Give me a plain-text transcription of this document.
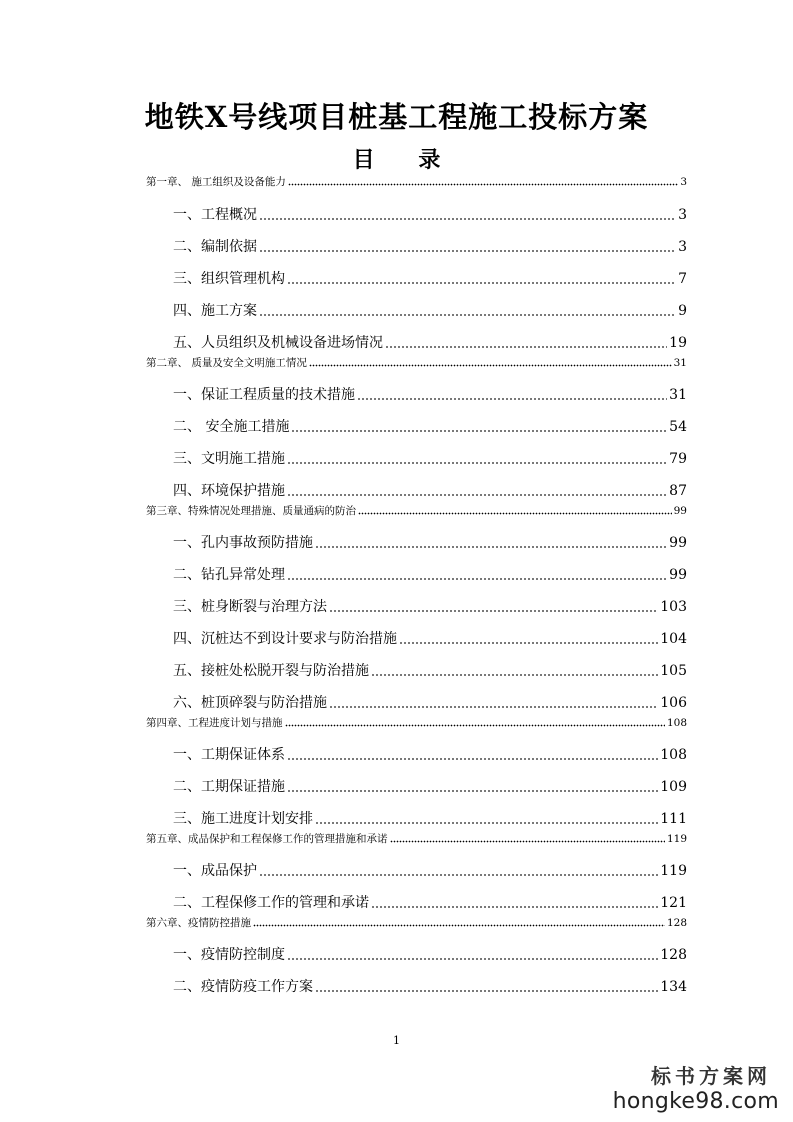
地铁X号线项目桩基工程施工投标方案
目 录
第一章、 施工组织及设备能力	3
一、工程概况	3
二、编制依据	3
三、组织管理机构	7
四、施工方案	9
五、人员组织及机械设备进场情况	19
第二章、 质量及安全文明施工情况	31
一、保证工程质量的技术措施	31
二、 安全施工措施	54
三、文明施工措施	79
四、环境保护措施	87
第三章、特殊情况处理措施、质量通病的防治	99
一、孔内事故预防措施	99
二、钻孔异常处理	99
三、桩身断裂与治理方法	103
四、沉桩达不到设计要求与防治措施	104
五、接桩处松脱开裂与防治措施	105
六、桩顶碎裂与防治措施	106
第四章、工程进度计划与措施	108
一、工期保证体系	108
二、工期保证措施	109
三、施工进度计划安排	111
第五章、成品保护和工程保修工作的管理措施和承诺	119
一、成品保护	119
二、工程保修工作的管理和承诺	121
第六章、疫情防控措施	128
一、疫情防控制度	128
二、疫情防疫工作方案	134
1
标书方案网
hongke98.com
